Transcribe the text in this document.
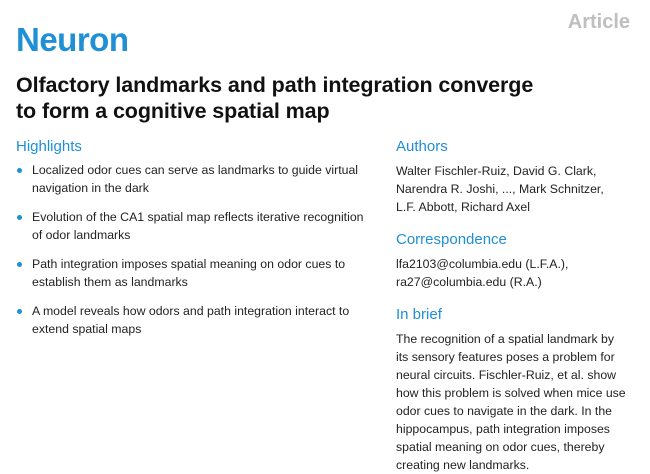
Neuron	Article
Olfactory landmarks and path integration converge
to form a cognitive spatial map
Highlights
Localized odor cues can serve as landmarks to guide virtual
navigation in the dark
Evolution of the CA1 spatial map reflects iterative recognition
of odor landmarks
Path integration imposes spatial meaning on odor cues to
establish them as landmarks
A model reveals how odors and path integration interact to
extend spatial maps
Authors
Walter Fischler-Ruiz, David G. Clark,
Narendra R. Joshi, ..., Mark Schnitzer,
L.F. Abbott, Richard Axel
Correspondence
lfa2103@columbia.edu (L.F.A.),
ra27@columbia.edu (R.A.)
In brief
The recognition of a spatial landmark by
its sensory features poses a problem for
neural circuits. Fischler-Ruiz, et al. show
how this problem is solved when mice use
odor cues to navigate in the dark. In the
hippocampus, path integration imposes
spatial meaning on odor cues, thereby
creating new landmarks.
